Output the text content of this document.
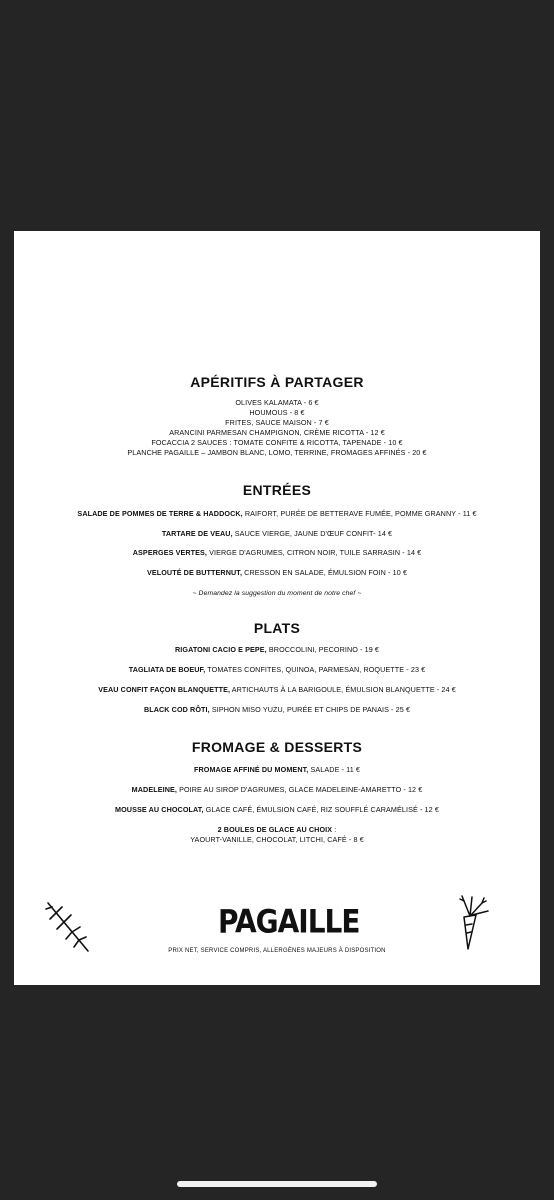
APÉRITIFS À PARTAGER
OLIVES KALAMATA - 6 €
HOUMOUS - 8 €
FRITES, SAUCE MAISON - 7 €
ARANCINI PARMESAN CHAMPIGNON, CRÈME RICOTTA - 12 €
FOCACCIA 2 SAUCES : TOMATE CONFITE & RICOTTA, TAPENADE - 10 €
PLANCHE PAGAILLE – JAMBON BLANC, LOMO, TERRINE, FROMAGES AFFINÉS - 20 €
ENTRÉES
SALADE DE POMMES DE TERRE & HADDOCK, RAIFORT, PURÉE DE BETTERAVE FUMÉE, POMME GRANNY - 11 €
TARTARE DE VEAU, SAUCE VIERGE, JAUNE D'ŒUF CONFIT- 14 €
ASPERGES VERTES, VIERGE D'AGRUMES, CITRON NOIR, TUILE SARRASIN - 14 €
VELOUTÉ DE BUTTERNUT, CRESSON EN SALADE, ÉMULSION FOIN - 10 €
~ Demandez la suggestion du moment de notre chef ~
PLATS
RIGATONI CACIO E PEPE, BROCCOLINI, PECORINO - 19 €
TAGLIATA DE BOEUF, TOMATES CONFITES, QUINOA, PARMESAN, ROQUETTE - 23 €
VEAU CONFIT FAÇON BLANQUETTE, ARTICHAUTS À LA BARIGOULE, ÉMULSION BLANQUETTE - 24 €
BLACK COD RÔTI, SIPHON MISO YUZU, PURÉE ET CHIPS DE PANAIS - 25 €
FROMAGE & DESSERTS
FROMAGE AFFINÉ DU MOMENT, SALADE - 11 €
MADELEINE, POIRE AU SIROP D'AGRUMES, GLACE MADELEINE-AMARETTO - 12 €
MOUSSE AU CHOCOLAT, GLACE CAFÉ, ÉMULSION CAFÉ, RIZ SOUFFLÉ CARAMÉLISÉ - 12 €
2 BOULES DE GLACE AU CHOIX :
YAOURT-VANILLE, CHOCOLAT, LITCHI, CAFÉ - 8 €
PAGAILLE
PRIX NET, SERVICE COMPRIS, ALLERGÈNES MAJEURS À DISPOSITION
